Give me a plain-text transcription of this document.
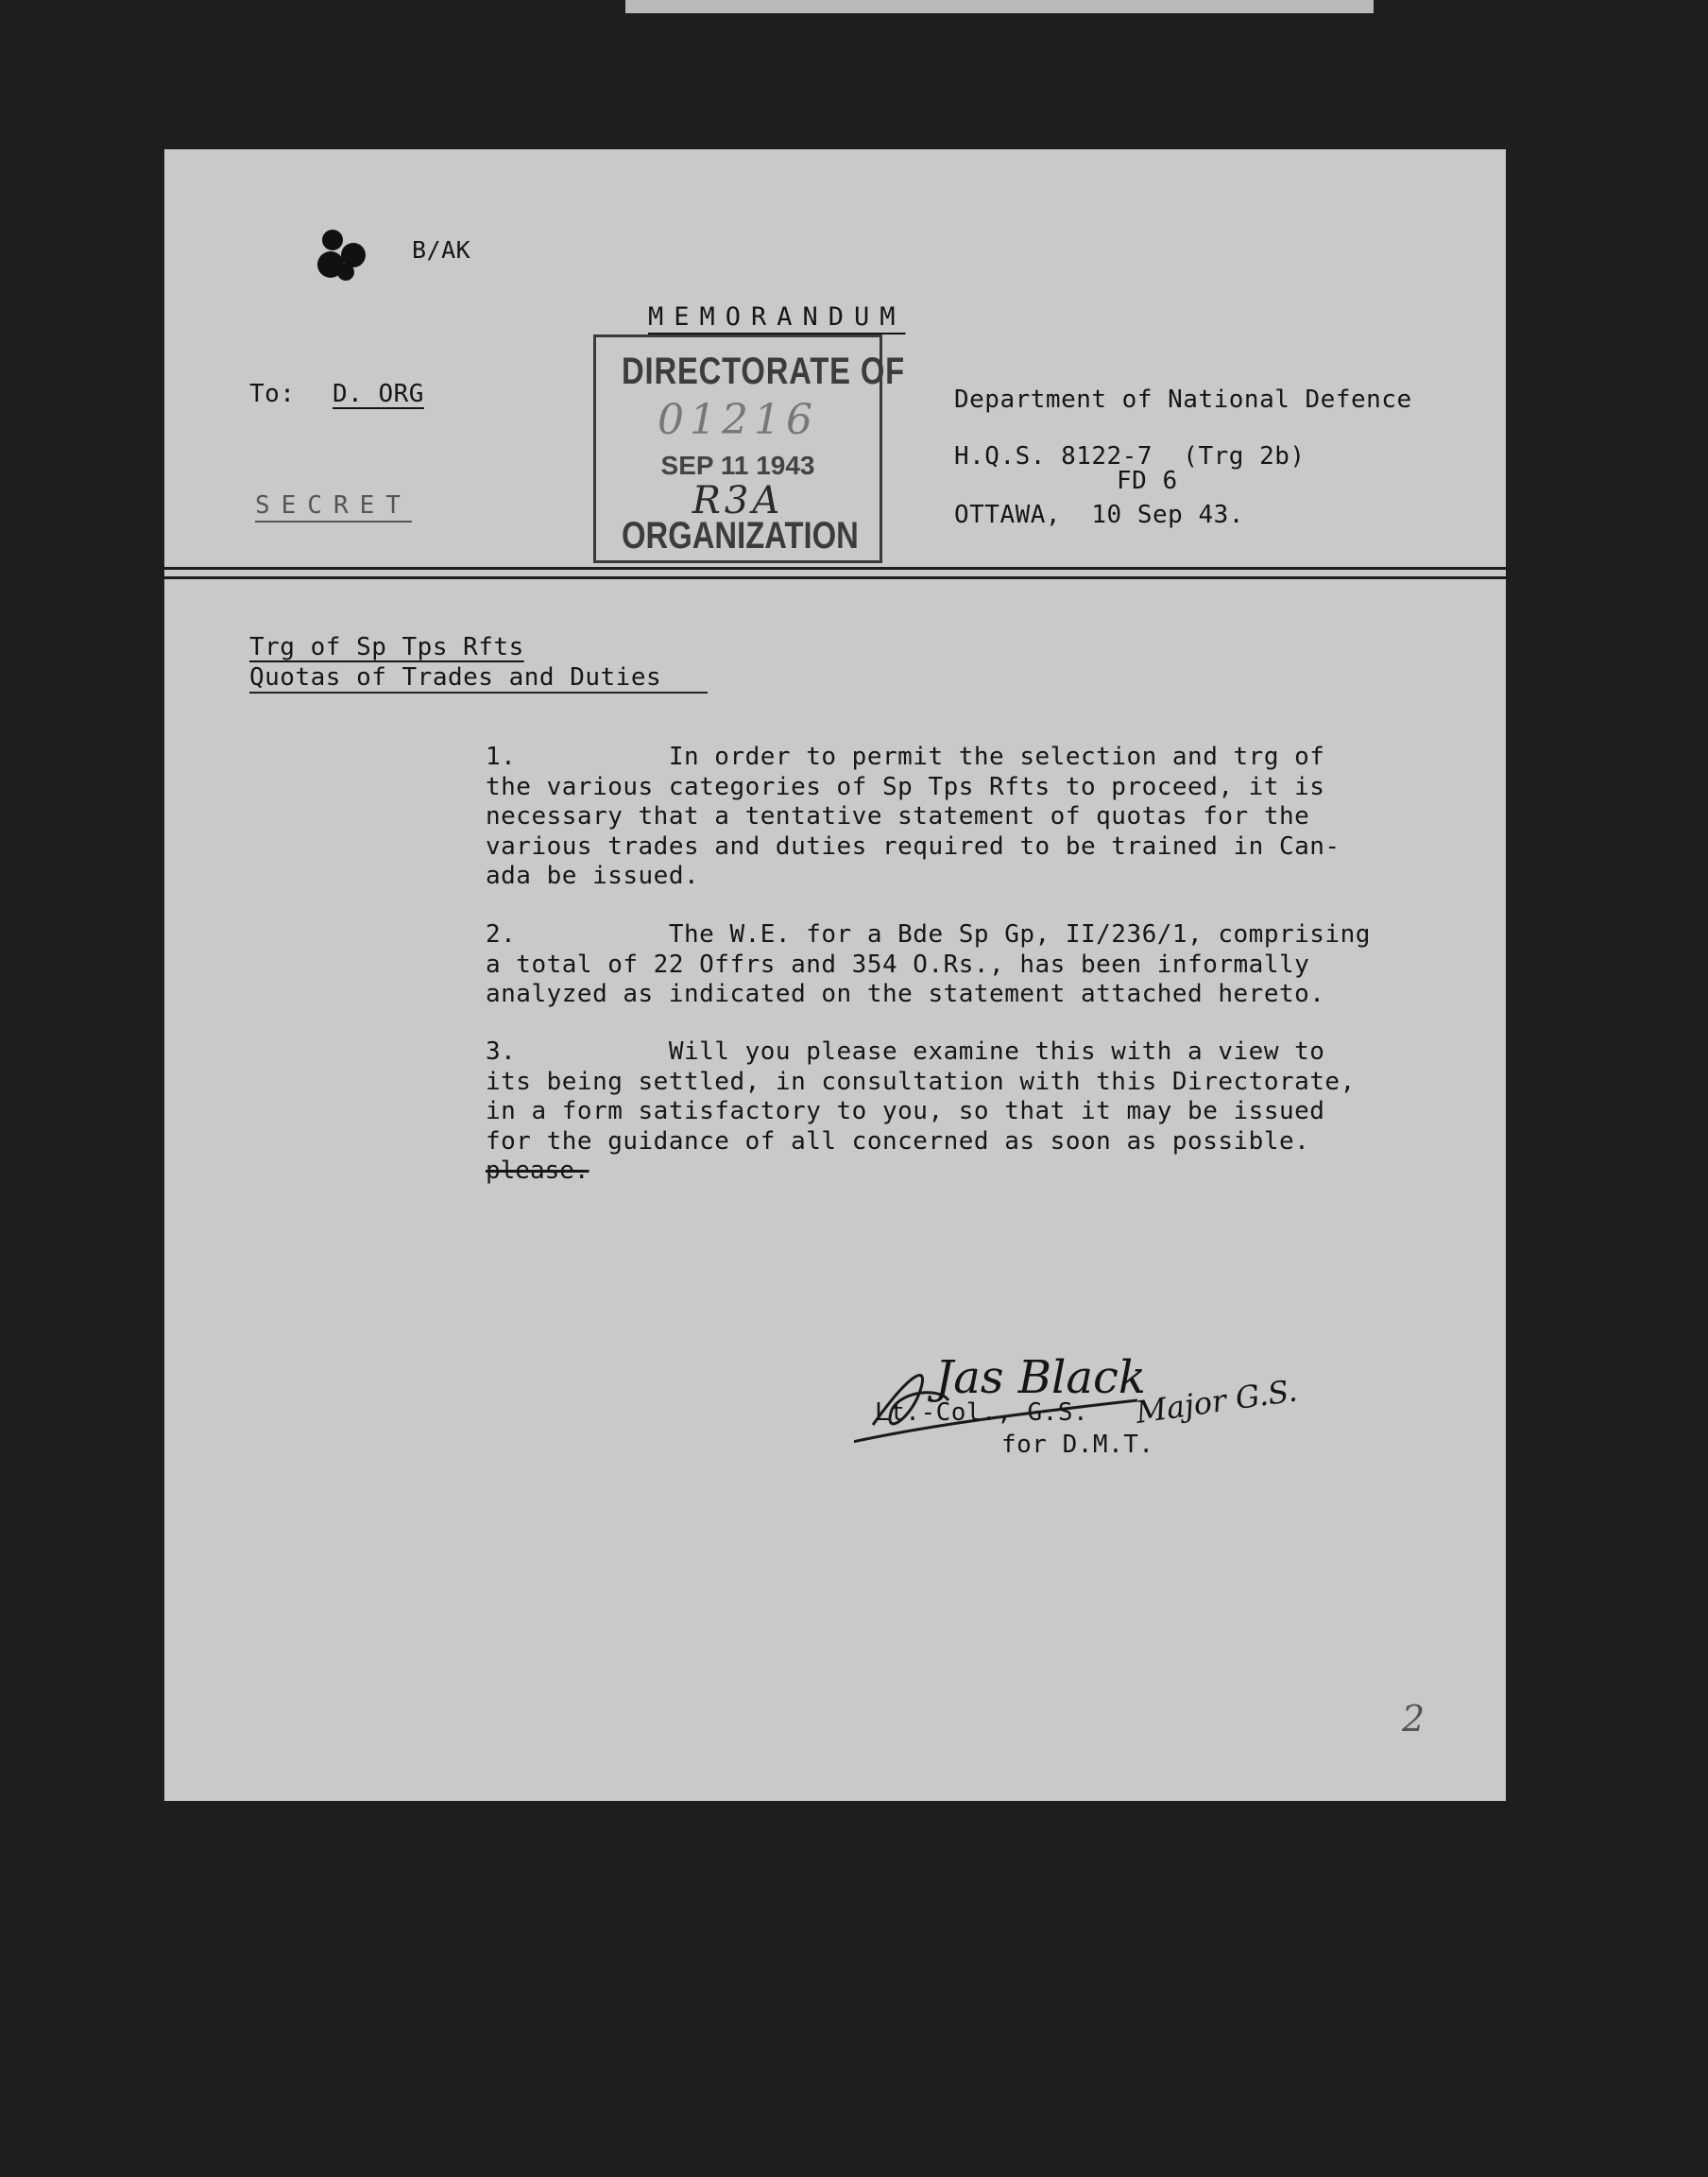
B/AK
MEMORANDUM
To: D. ORG
SECRET
DIRECTORATE OF
01216
SEP 11 1943
R3A
ORGANIZATION
Department of National Defence
H.Q.S. 8122-7  (Trg 2b)
FD 6
OTTAWA,  10 Sep 43.
Trg of Sp Tps Rfts
Quotas of Trades and Duties
1.          In order to permit the selection and trg of
the various categories of Sp Tps Rfts to proceed, it is
necessary that a tentative statement of quotas for the
various trades and duties required to be trained in Can-
ada be issued.
2.          The W.E. for a Bde Sp Gp, II/236/1, comprising
a total of 22 Offrs and 354 O.Rs., has been informally
analyzed as indicated on the statement attached hereto.
3.          Will you please examine this with a view to
its being settled, in consultation with this Directorate,
in a form satisfactory to you, so that it may be issued
for the guidance of all concerned as soon as possible.
please.
Jas Black
Major G.S.
Lt.-Col., G.S.
for D.M.T.
2
